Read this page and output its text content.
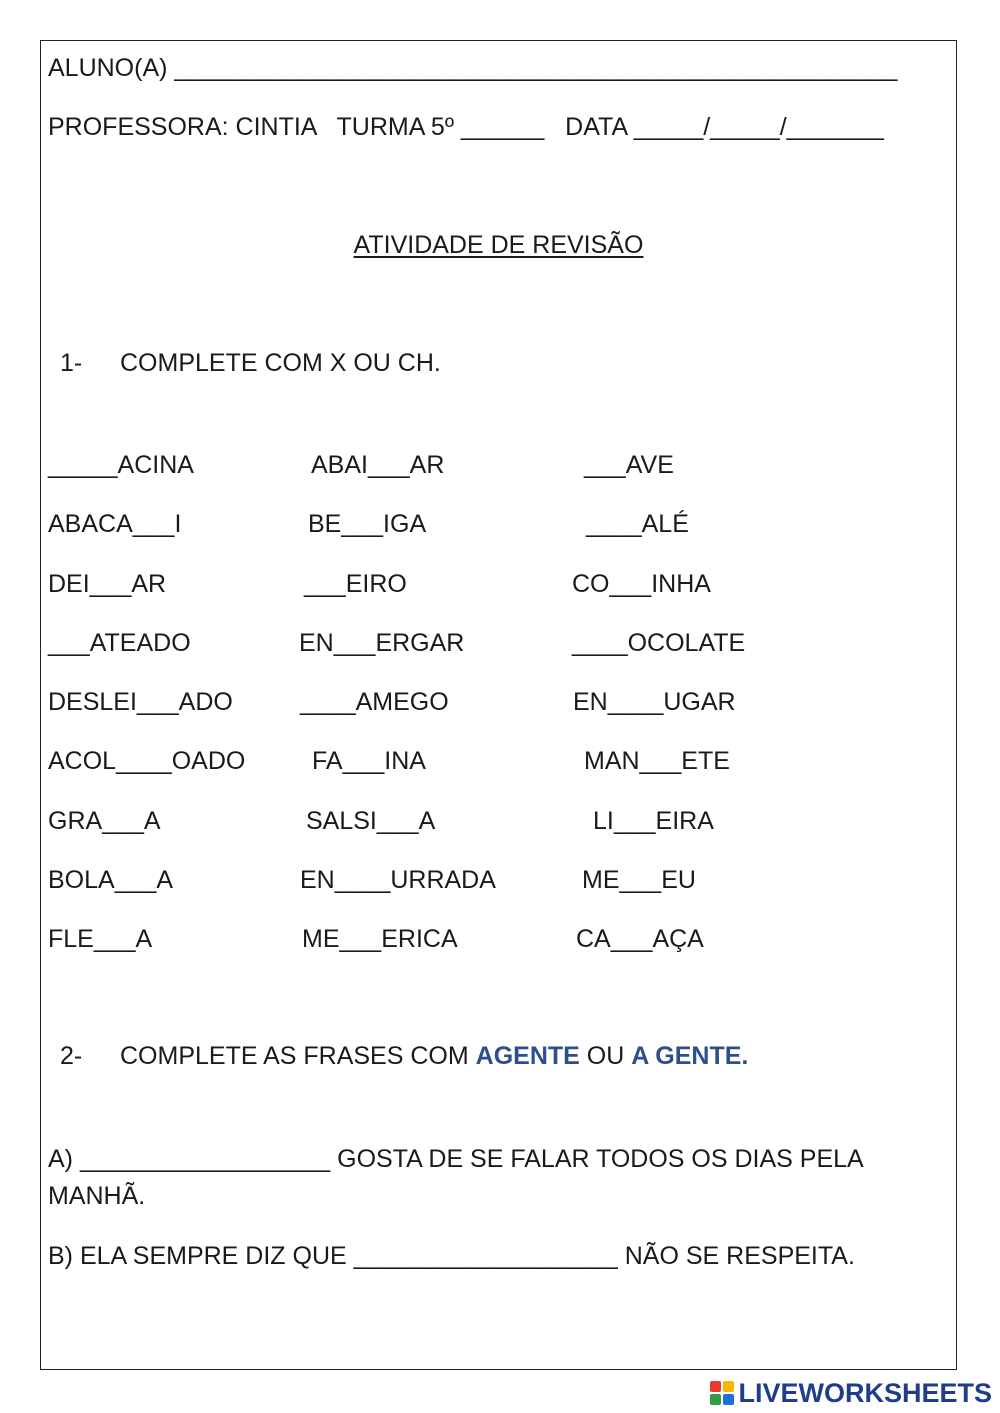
ALUNO(A) ____________________________________________________
PROFESSORA: CINTIA   TURMA 5º ______   DATA _____/_____/_______
ATIVIDADE DE REVISÃO
1- COMPLETE COM X OU CH.
_____ACINA	ABAI___AR	___AVE
ABACA___I	BE___IGA	____ALÉ
DEI___AR	___EIRO	CO___INHA
___ATEADO	EN___ERGAR	____OCOLATE
DESLEI___ADO	____AMEGO	EN____UGAR
ACOL____OADO	FA___INA	MAN___ETE
GRA___A	SALSI___A	LI___EIRA
BOLA___A	EN____URRADA	ME___EU
FLE___A	ME___ERICA	CA___AÇA
2- COMPLETE AS FRASES COM AGENTE OU A GENTE.
A) __________________ GOSTA DE SE FALAR TODOS OS DIAS PELA
MANHÃ.
B) ELA SEMPRE DIZ QUE ___________________ NÃO SE RESPEITA.
LIVEWORKSHEETS
